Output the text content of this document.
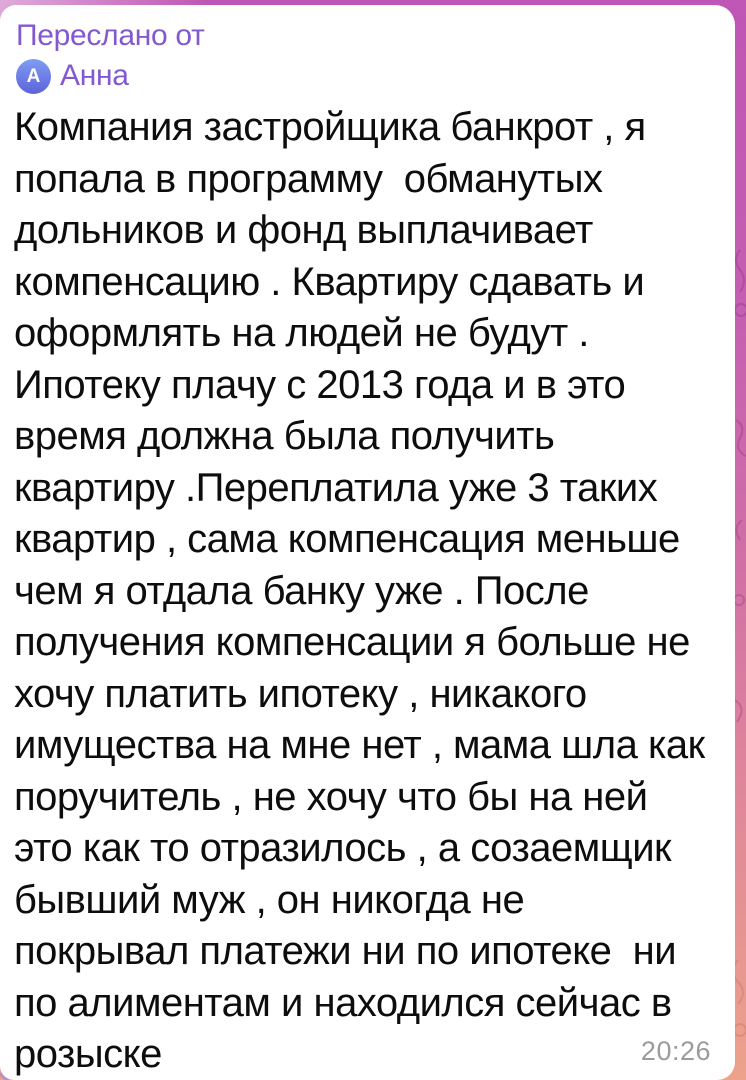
Переслано от
А Анна
Компания застройщика банкрот , я попала в программу  обманутых дольников и фонд выплачивает компенсацию . Квартиру сдавать и оформлять на людей не будут . Ипотеку плачу с 2013 года и в это время должна была получить квартиру .Переплатила уже 3 таких квартир , сама компенсация меньше чем я отдала банку уже . После получения компенсации я больше не хочу платить ипотеку , никакого имущества на мне нет , мама шла как поручитель , не хочу что бы на ней это как то отразилось , а созаемщик бывший муж , он никогда не покрывал платежи ни по ипотеке  ни по алиментам и находился сейчас в розыске	20:26
